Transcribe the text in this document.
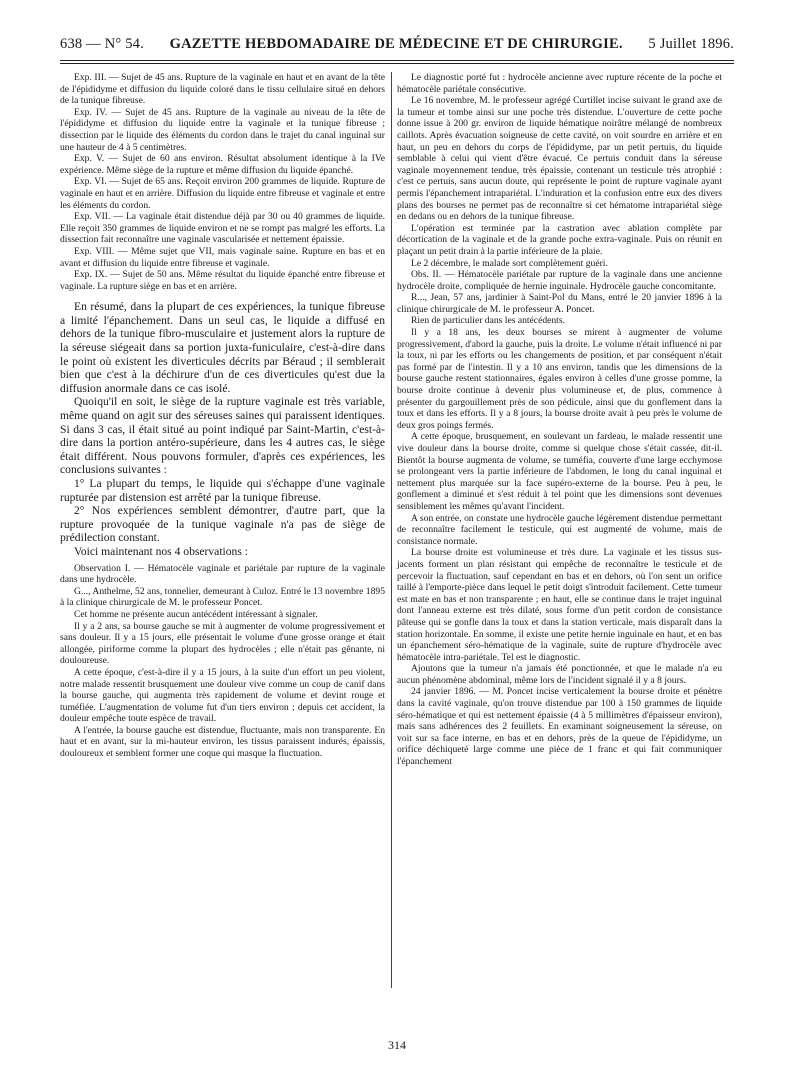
638 — N° 54. GAZETTE HEBDOMADAIRE DE MÉDECINE ET DE CHIRURGIE. 5 Juillet 1896.

Exp. III. — Sujet de 45 ans. Rupture de la vaginale en haut et en avant de la tête de l'épididyme et diffusion du liquide coloré dans le tissu cellulaire situé en dehors de la tunique fibreuse.

Exp. IV. — Sujet de 45 ans. Rupture de la vaginale au niveau de la tête de l'épididyme et diffusion du liquide entre la vaginale et la tunique fibreuse ; dissection par le liquide des éléments du cordon dans le trajet du canal inguinal sur une hauteur de 4 à 5 centimètres.

Exp. V. — Sujet de 60 ans environ. Résultat absolument identique à la IVe expérience. Même siège de la rupture et même diffusion du liquide épanché.

Exp. VI. — Sujet de 65 ans. Reçoit environ 200 grammes de liquide. Rupture de vaginale en haut et en arrière. Diffusion du liquide entre fibreuse et vaginale et entre les éléments du cordon.

Exp. VII. — La vaginale était distendue déjà par 30 ou 40 grammes de liquide. Elle reçoit 350 grammes de liquide environ et ne se rompt pas malgré les efforts. La dissection fait reconnaître une vaginale vascularisée et nettement épaissie.

Exp. VIII. — Même sujet que VII, mais vaginale saine. Rupture en bas et en avant et diffusion du liquide entre fibreuse et vaginale.

Exp. IX. — Sujet de 50 ans. Même résultat du liquide épanché entre fibreuse et vaginale. La rupture siège en bas et en arrière.

En résumé, dans la plupart de ces expériences, la tunique fibreuse a limité l'épanchement. Dans un seul cas, le liquide a diffusé en dehors de la tunique fibro-musculaire et justement alors la rupture de la séreuse siégeait dans sa portion juxta-funiculaire, c'est-à-dire dans le point où existent les diverticules décrits par Béraud ; il semblerait bien que c'est à la déchirure d'un de ces diverticules qu'est due la diffusion anormale dans ce cas isolé.

Quoiqu'il en soit, le siège de la rupture vaginale est très variable, même quand on agit sur des séreuses saines qui paraissent identiques. Si dans 3 cas, il était situé au point indiqué par Saint-Martin, c'est-à-dire dans la portion antéro-supérieure, dans les 4 autres cas, le siège était différent. Nous pouvons formuler, d'après ces expériences, les conclusions suivantes :

1° La plupart du temps, le liquide qui s'échappe d'une vaginale rupturée par distension est arrêté par la tunique fibreuse.

2° Nos expériences semblent démontrer, d'autre part, que la rupture provoquée de la tunique vaginale n'a pas de siège de prédilection constant.

Voici maintenant nos 4 observations :

Observation I. — Hématocèle vaginale et pariétale par rupture de la vaginale dans une hydrocèle.

G..., Anthelme, 52 ans, tonnelier, demeurant à Culoz. Entré le 13 novembre 1895 à la clinique chirurgicale de M. le professeur Poncet.

Cet homme ne présente aucun antécédent intéressant à signaler.

Il y a 2 ans, sa bourse gauche se mit à augmenter de volume progressivement et sans douleur. Il y a 15 jours, elle présentait le volume d'une grosse orange et était allongée, piriforme comme la plupart des hydrocèles ; elle n'était pas gênante, ni douloureuse.

A cette époque, c'est-à-dire il y a 15 jours, à la suite d'un effort un peu violent, notre malade ressentit brusquement une douleur vive comme un coup de canif dans la bourse gauche, qui augmenta très rapidement de volume et devint rouge et tuméfiée. L'augmentation de volume fut d'un tiers environ ; depuis cet accident, la douleur empêche toute espèce de travail.

A l'entrée, la bourse gauche est distendue, fluctuante, mais non transparente. En haut et en avant, sur la mi-hauteur environ, les tissus paraissent indurés, épaissis, douloureux et semblent former une coque qui masque la fluctuation.

Le diagnostic porté fut : hydrocèle ancienne avec rupture récente de la poche et hématocèle pariétale consécutive.

Le 16 novembre, M. le professeur agrégé Curtillet incise suivant le grand axe de la tumeur et tombe ainsi sur une poche très distendue. L'ouverture de cette poche donne issue à 200 gr. environ de liquide hématique noirâtre mélangé de nombreux caillots. Après évacuation soigneuse de cette cavité, on voit sourdre en arrière et en haut, un peu en dehors du corps de l'épididyme, par un petit pertuis, du liquide semblable à celui qui vient d'être évacué. Ce pertuis conduit dans la séreuse vaginale moyennement tendue, très épaissie, contenant un testicule très atrophié : c'est ce pertuis, sans aucun doute, qui représente le point de rupture vaginale ayant permis l'épanchement intrapariétal. L'induration et la confusion entre eux des divers plans des bourses ne permet pas de reconnaître si cet hématome intrapariétal siège en dedans ou en dehors de la tunique fibreuse.

L'opération est terminée par la castration avec ablation complète par décortication de la vaginale et de la grande poche extra-vaginale. Puis on réunit en plaçant un petit drain à la partie inférieure de la plaie.

Le 2 décembre, le malade sort complètement guéri.

Obs. II. — Hématocèle pariétale par rupture de la vaginale dans une ancienne hydrocèle droite, compliquée de hernie inguinale. Hydrocèle gauche concomitante.

R..., Jean, 57 ans, jardinier à Saint-Pol du Mans, entré le 20 janvier 1896 à la clinique chirurgicale de M. le professeur A. Poncet.

Rien de particulier dans les antécédents.

Il y a 18 ans, les deux bourses se mirent à augmenter de volume progressivement, d'abord la gauche, puis la droite. Le volume n'était influencé ni par la toux, ni par les efforts ou les changements de position, et par conséquent n'était pas formé par de l'intestin. Il y a 10 ans environ, tandis que les dimensions de la bourse gauche restent stationnaires, égales environ à celles d'une grosse pomme, la bourse droite continue à devenir plus volumineuse et, de plus, commence à présenter du gargouillement près de son pédicule, ainsi que du gonflement dans la toux et dans les efforts. Il y a 8 jours, la bourse droite avait à peu près le volume de deux gros poings fermés.

A cette époque, brusquement, en soulevant un fardeau, le malade ressentit une vive douleur dans la bourse droite, comme si quelque chose s'était cassée, dit-il. Bientôt la bourse augmenta de volume, se tuméfia, couverte d'une large ecchymose se prolongeant vers la partie inférieure de l'abdomen, le long du canal inguinal et nettement plus marquée sur la face supéro-externe de la bourse. Peu à peu, le gonflement a diminué et s'est réduit à tel point que les dimensions sont devenues sensiblement les mêmes qu'avant l'incident.

A son entrée, on constate une hydrocèle gauche légèrement distendue permettant de reconnaître facilement le testicule, qui est augmenté de volume, mais de consistance normale.

La bourse droite est volumineuse et très dure. La vaginale et les tissus sus-jacents forment un plan résistant qui empêche de reconnaître le testicule et de percevoir la fluctuation, sauf cependant en bas et en dehors, où l'on sent un orifice taillé à l'emporte-pièce dans lequel le petit doigt s'introduit facilement. Cette tumeur est mate en bas et non transparente ; en haut, elle se continue dans le trajet inguinal dont l'anneau externe est très dilaté, sous forme d'un petit cordon de consistance pâteuse qui se gonfle dans la toux et dans la station verticale, mais disparaît dans la station horizontale. En somme, il existe une petite hernie inguinale en haut, et en bas un épanchement séro-hématique de la vaginale, suite de rupture d'hydrocèle avec hématocèle intra-pariétale. Tel est le diagnostic.

Ajoutons que la tumeur n'a jamais été ponctionnée, et que le malade n'a eu aucun phénomène abdominal, même lors de l'incident signalé il y a 8 jours.

24 janvier 1896. — M. Poncet incise verticalement la bourse droite et pénètre dans la cavité vaginale, qu'on trouve distendue par 100 à 150 grammes de liquide séro-hématique et qui est nettement épaissie (4 à 5 millimètres d'épaisseur environ), mais sans adhérences des 2 feuillets. En examinant soigneusement la séreuse, on voit sur sa face interne, en bas et en dehors, près de la queue de l'épididyme, un orifice déchiqueté large comme une pièce de 1 franc et qui fait communiquer l'épanchement

314
